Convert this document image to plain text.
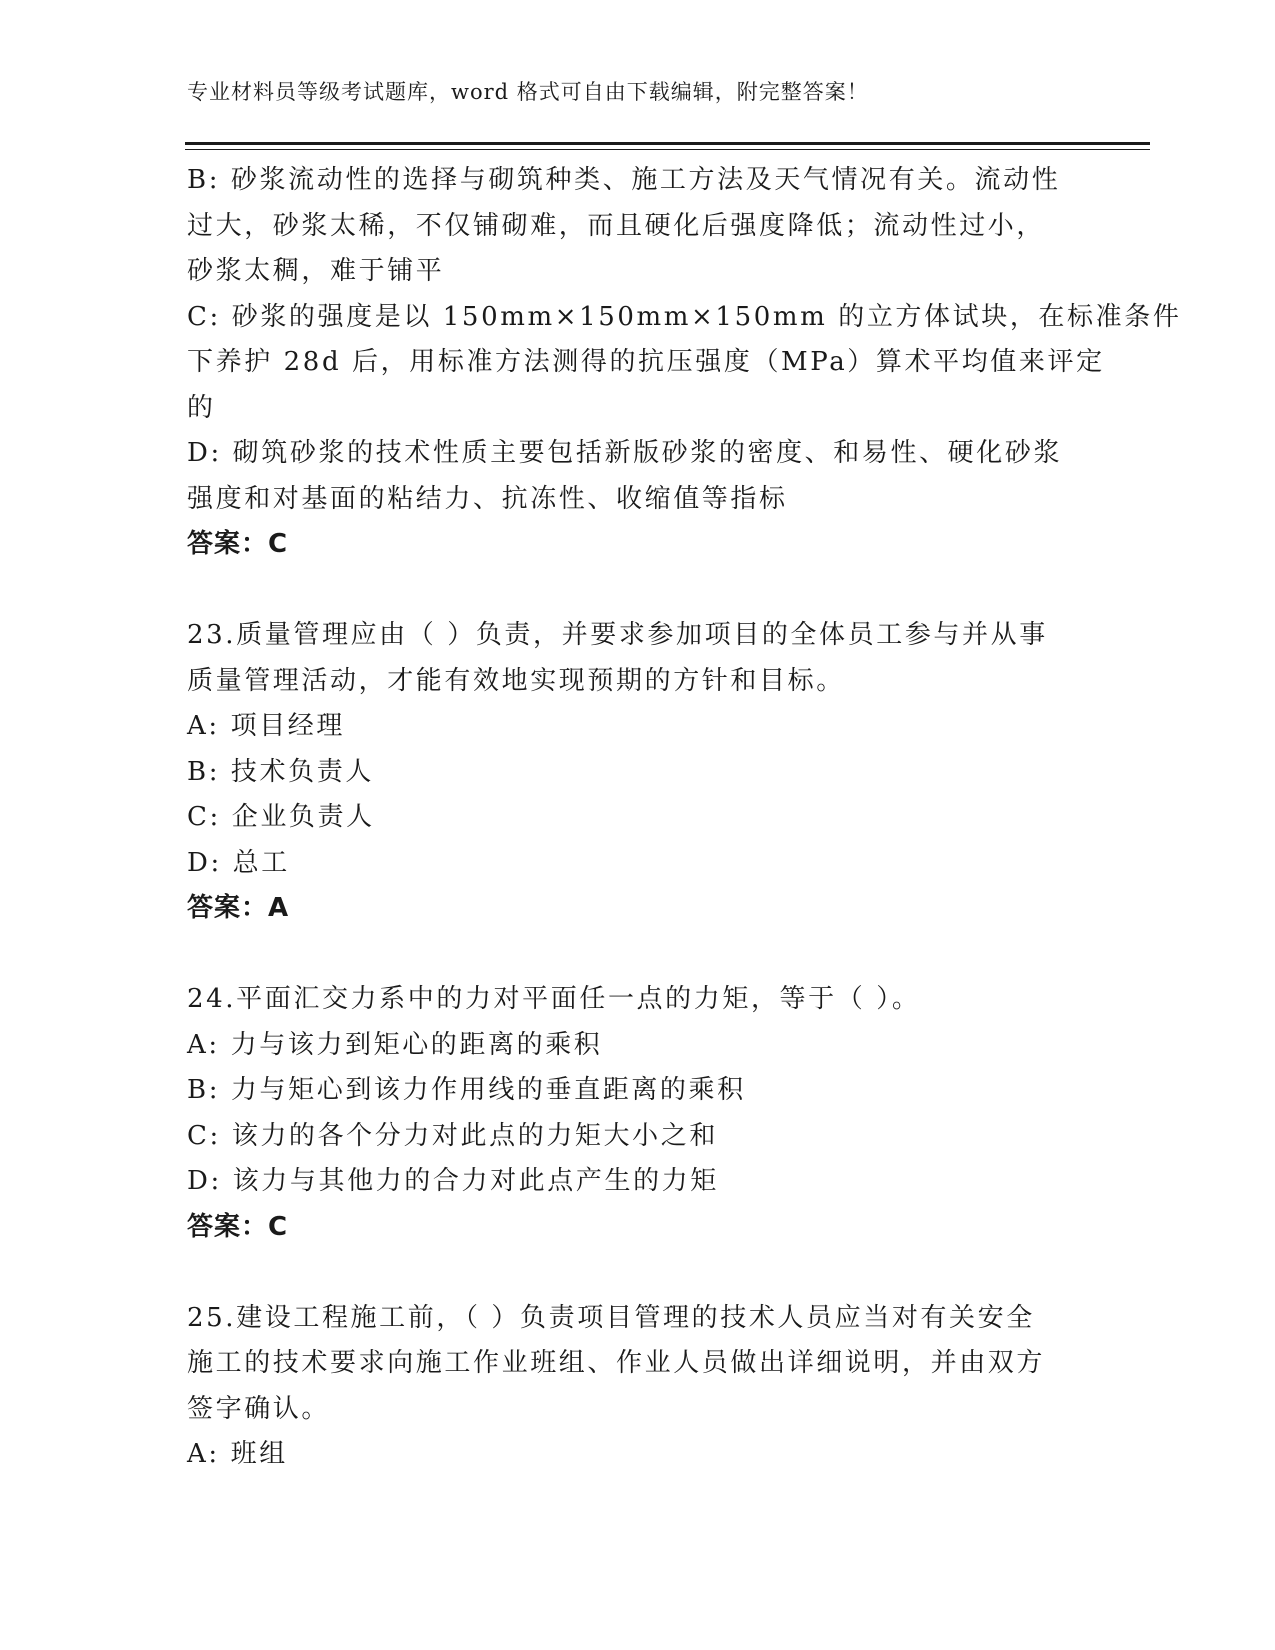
专业材料员等级考试题库，word 格式可自由下载编辑，附完整答案！
B: 砂浆流动性的选择与砌筑种类、施工方法及天气情况有关。流动性
过大，砂浆太稀，不仅铺砌难，而且硬化后强度降低；流动性过小，
砂浆太稠，难于铺平
C: 砂浆的强度是以 150mm×150mm×150mm 的立方体试块，在标准条件
下养护 28d 后，用标准方法测得的抗压强度（MPa）算术平均值来评定
的
D: 砌筑砂浆的技术性质主要包括新版砂浆的密度、和易性、硬化砂浆
强度和对基面的粘结力、抗冻性、收缩值等指标
答案：C
23.质量管理应由（ ）负责，并要求参加项目的全体员工参与并从事
质量管理活动，才能有效地实现预期的方针和目标。
A: 项目经理
B: 技术负责人
C: 企业负责人
D: 总工
答案：A
24.平面汇交力系中的力对平面任一点的力矩，等于（ ）。
A: 力与该力到矩心的距离的乘积
B: 力与矩心到该力作用线的垂直距离的乘积
C: 该力的各个分力对此点的力矩大小之和
D: 该力与其他力的合力对此点产生的力矩
答案：C
25.建设工程施工前，（ ）负责项目管理的技术人员应当对有关安全
施工的技术要求向施工作业班组、作业人员做出详细说明，并由双方
签字确认。
A: 班组
